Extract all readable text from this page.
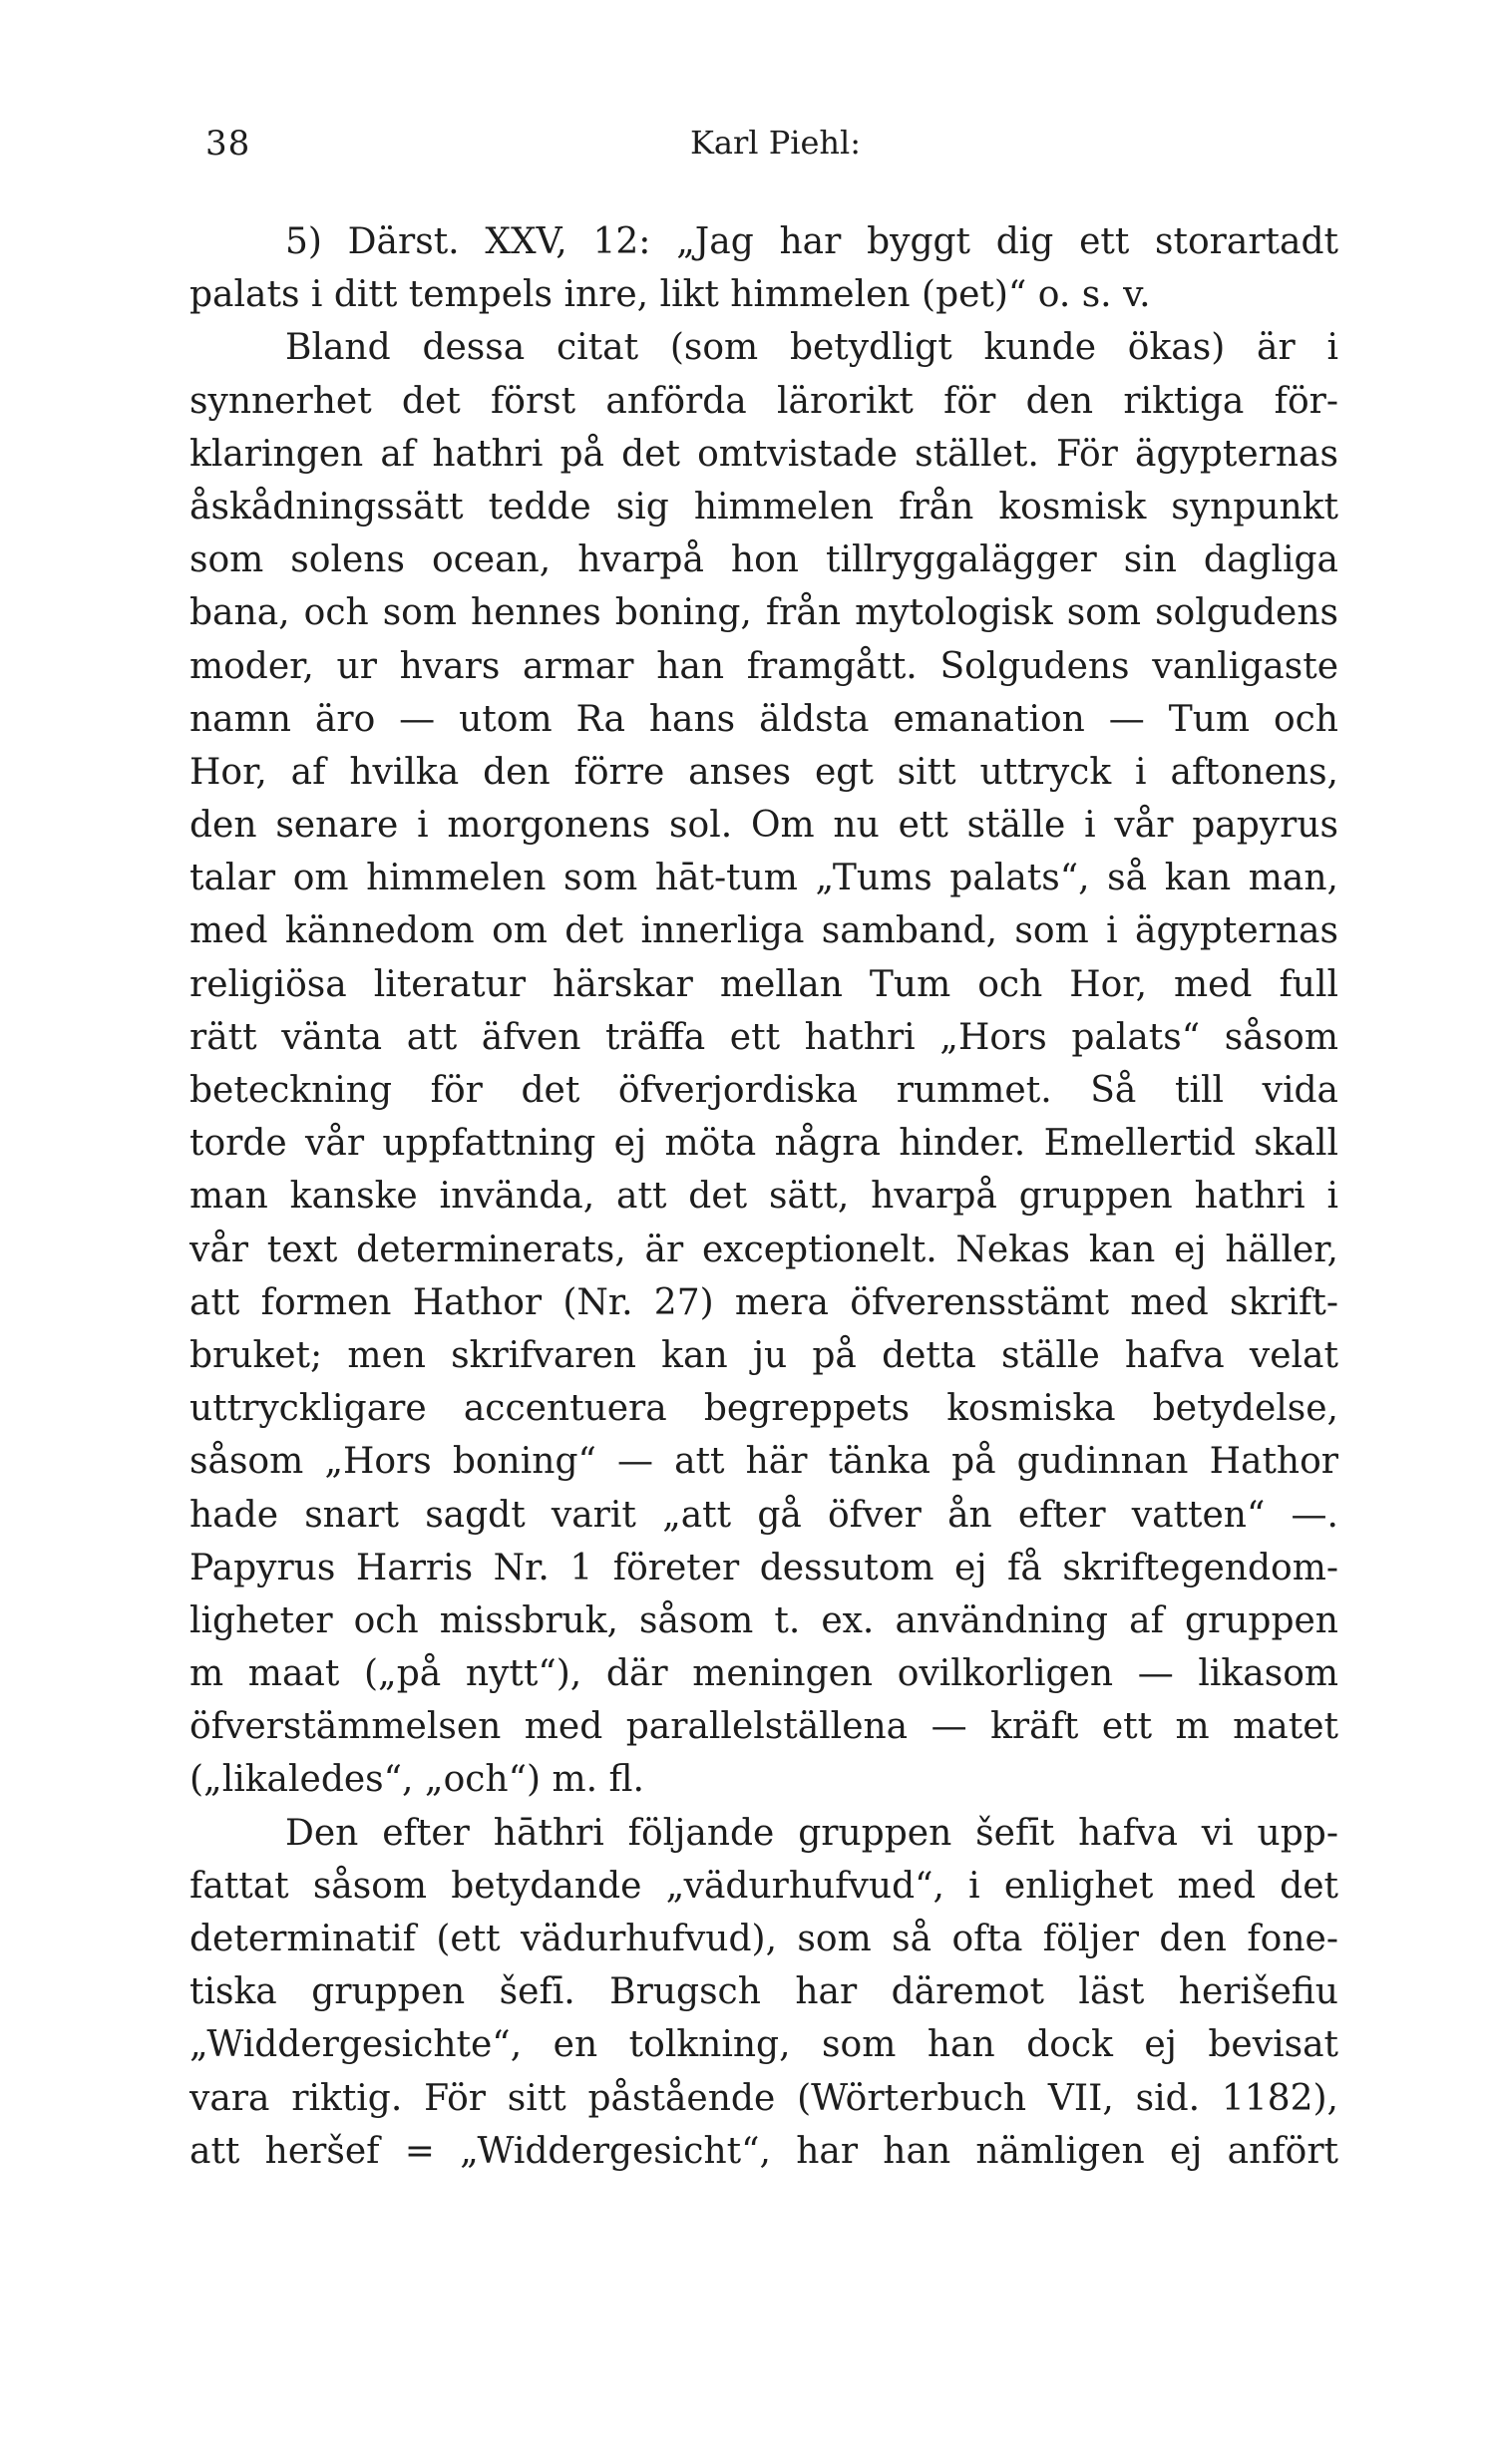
38	Karl Piehl:
5) Därst. XXV, 12: „Jag har byggt dig ett storartadt
palats i ditt tempels inre, likt himmelen (pet)“ o. s. v.
Bland dessa citat (som betydligt kunde ökas) är i
synnerhet det först anförda lärorikt för den riktiga för-
klaringen af hathri på det omtvistade stället. För ägypternas
åskådningssätt tedde sig himmelen från kosmisk synpunkt
som solens ocean, hvarpå hon tillryggalägger sin dagliga
bana, och som hennes boning, från mytologisk som solgudens
moder, ur hvars armar han framgått. Solgudens vanligaste
namn äro — utom Ra hans äldsta emanation — Tum och
Hor, af hvilka den förre anses egt sitt uttryck i aftonens,
den senare i morgonens sol. Om nu ett ställe i vår papyrus
talar om himmelen som hāt-tum „Tums palats“, så kan man,
med kännedom om det innerliga samband, som i ägypternas
religiösa literatur härskar mellan Tum och Hor, med full
rätt vänta att äfven träffa ett hathri „Hors palats“ såsom
beteckning för det öfverjordiska rummet. Så till vida
torde vår uppfattning ej möta några hinder. Emellertid skall
man kanske invända, att det sätt, hvarpå gruppen hathri i
vår text determinerats, är exceptionelt. Nekas kan ej häller,
att formen Hathor (Nr. 27) mera öfverensstämt med skrift-
bruket; men skrifvaren kan ju på detta ställe hafva velat
uttryckligare accentuera begreppets kosmiska betydelse,
såsom „Hors boning“ — att här tänka på gudinnan Hathor
hade snart sagdt varit „att gå öfver ån efter vatten“ —.
Papyrus Harris Nr. 1 företer dessutom ej få skriftegendom-
ligheter och missbruk, såsom t. ex. användning af gruppen
m maat („på nytt“), där meningen ovilkorligen — likasom
öfverstämmelsen med parallelställena — kräft ett m matet
(„likaledes“, „och“) m. fl.
Den efter hāthri följande gruppen šefīt hafva vi upp-
fattat såsom betydande „vädurhufvud“, i enlighet med det
determinatif (ett vädurhufvud), som så ofta följer den fone-
tiska gruppen šefī. Brugsch har däremot läst herišefiu
„Widdergesichte“, en tolkning, som han dock ej bevisat
vara riktig. För sitt påstående (Wörterbuch VII, sid. 1182),
att heršef = „Widdergesicht“, har han nämligen ej anfört
